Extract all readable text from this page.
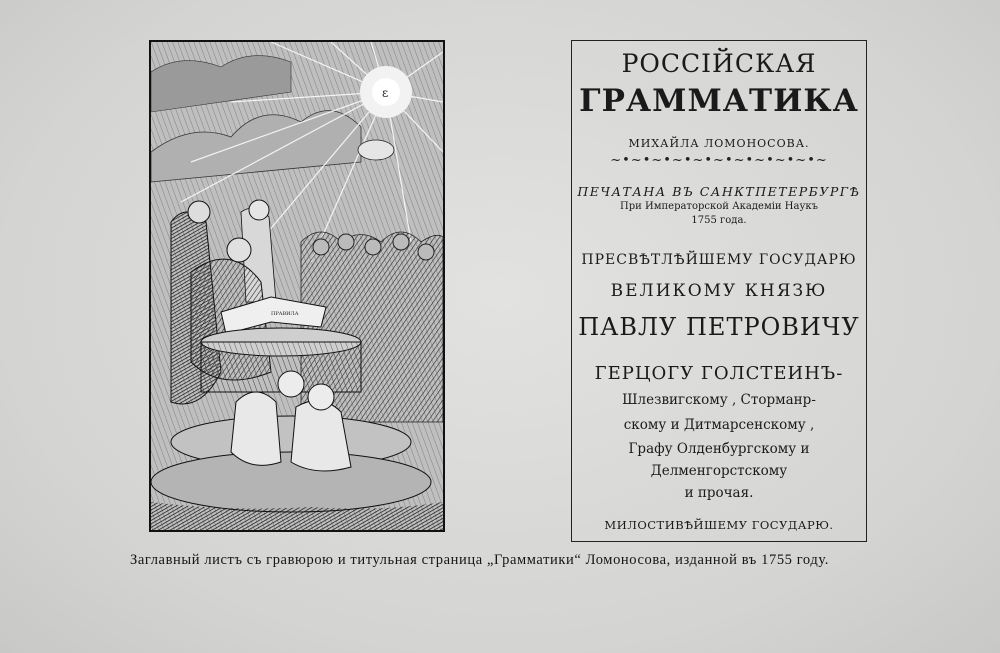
ε
ПРАВИЛА
РОССІЙСКАЯ
ГРАММАТИКА
МИХАЙЛА ЛОМОНОСОВА.
~•~•~•~•~•~•~•~•~•~•~
ПЕЧАТАНА ВЪ САНКТПЕТЕРБУРГѢ
При Императорской Академіи Наукъ
1755 года.
ПРЕСВѢТЛѢЙШЕМУ ГОСУДАРЮ
ВЕЛИКОМУ КНЯЗЮ
ПАВЛУ ПЕТРОВИЧУ
ГЕРЦОГУ ГОЛСТЕИНЪ-
Шлезвигскому , Сторманр-
скому и Дитмарсенскому ,
Графу Олденбургскому и
Делменгорстскому
и прочая.
МИЛОСТИВѢЙШЕМУ ГОСУДАРЮ.
Заглавный листъ съ гравюрою и титульная страница „Грамматики“ Ломоносова, изданной въ 1755 году.
